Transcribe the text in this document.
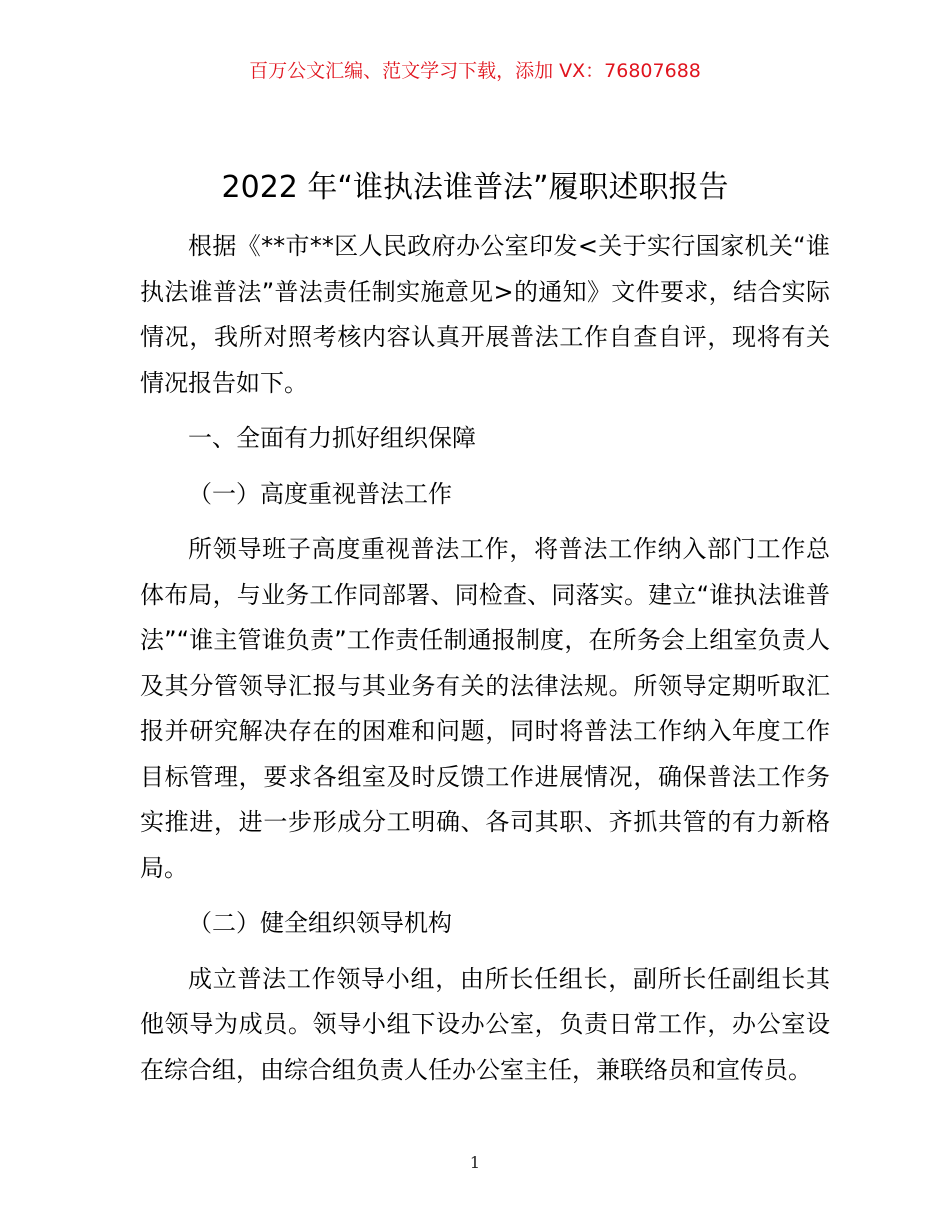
百万公文汇编、范文学习下载，添加 VX：76807688
2022 年“谁执法谁普法”履职述职报告

根据《**市**区人民政府办公室印发<关于实行国家机关“谁执法谁普法”普法责任制实施意见>的通知》文件要求，结合实际情况，我所对照考核内容认真开展普法工作自查自评，现将有关情况报告如下。

一、全面有力抓好组织保障

（一）高度重视普法工作

所领导班子高度重视普法工作，将普法工作纳入部门工作总体布局，与业务工作同部署、同检查、同落实。建立“谁执法谁普法”“谁主管谁负责”工作责任制通报制度，在所务会上组室负责人及其分管领导汇报与其业务有关的法律法规。所领导定期听取汇报并研究解决存在的困难和问题，同时将普法工作纳入年度工作目标管理，要求各组室及时反馈工作进展情况，确保普法工作务实推进，进一步形成分工明确、各司其职、齐抓共管的有力新格局。

（二）健全组织领导机构

成立普法工作领导小组，由所长任组长，副所长任副组长其他领导为成员。领导小组下设办公室，负责日常工作，办公室设在综合组，由综合组负责人任办公室主任，兼联络员和宣传员。

1
